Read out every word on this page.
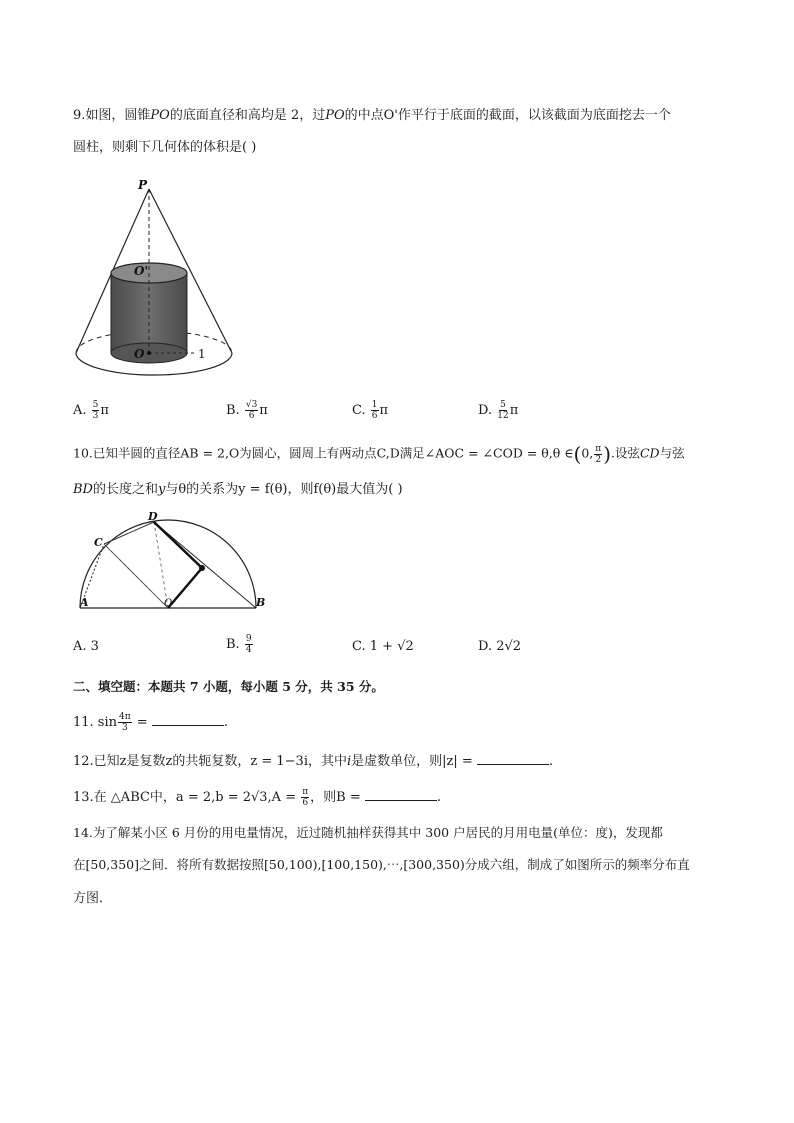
9.如图，圆锥PO的底面直径和高均是 2，过PO的中点O'作平行于底面的截面，以该截面为底面挖去一个
圆柱，则剩下几何体的体积是( )
P
O'
O	1
A. $\frac{5}{3}$ π	B. $\frac{√3}{6}$ π	C. $\frac{1}{6}$ π	D. $\frac{5}{12}$ π
10.已知半圆的直径AB = 2,O为圆心，圆周上有两动点C,D满足∠AOC = ∠COD = θ,θ ∈(0, $\frac{\pi}{2}$ ).设弦CD与弦
BD的长度之和y与θ的关系为y = f(θ)，则f(θ)最大值为( )
A	B
C
D
O
A. 3	B. $\frac{9}{4}$	C. 1 + √2	D. 2√2
二、填空题：本题共 7 小题，每小题 5 分，共 35 分。
11. $\sin \frac{4\pi}{3}$ =	.
12.已知z是复数z的共轭复数，z = 1−3i，其中i是虚数单位，则|z| =	.
13.在 △ABC中，$a = 2,b = 2√3,A = \frac{\pi}{6}$ ，则B =	.
14.为了解某小区 6 月份的用电量情况，近过随机抽样获得其中 300 户居民的月用电量(单位：度)，发现都
在[50,350]之间．将所有数据按照[50,100),[100,150),⋯,[300,350)分成六组，制成了如图所示的频率分布直
方图．
